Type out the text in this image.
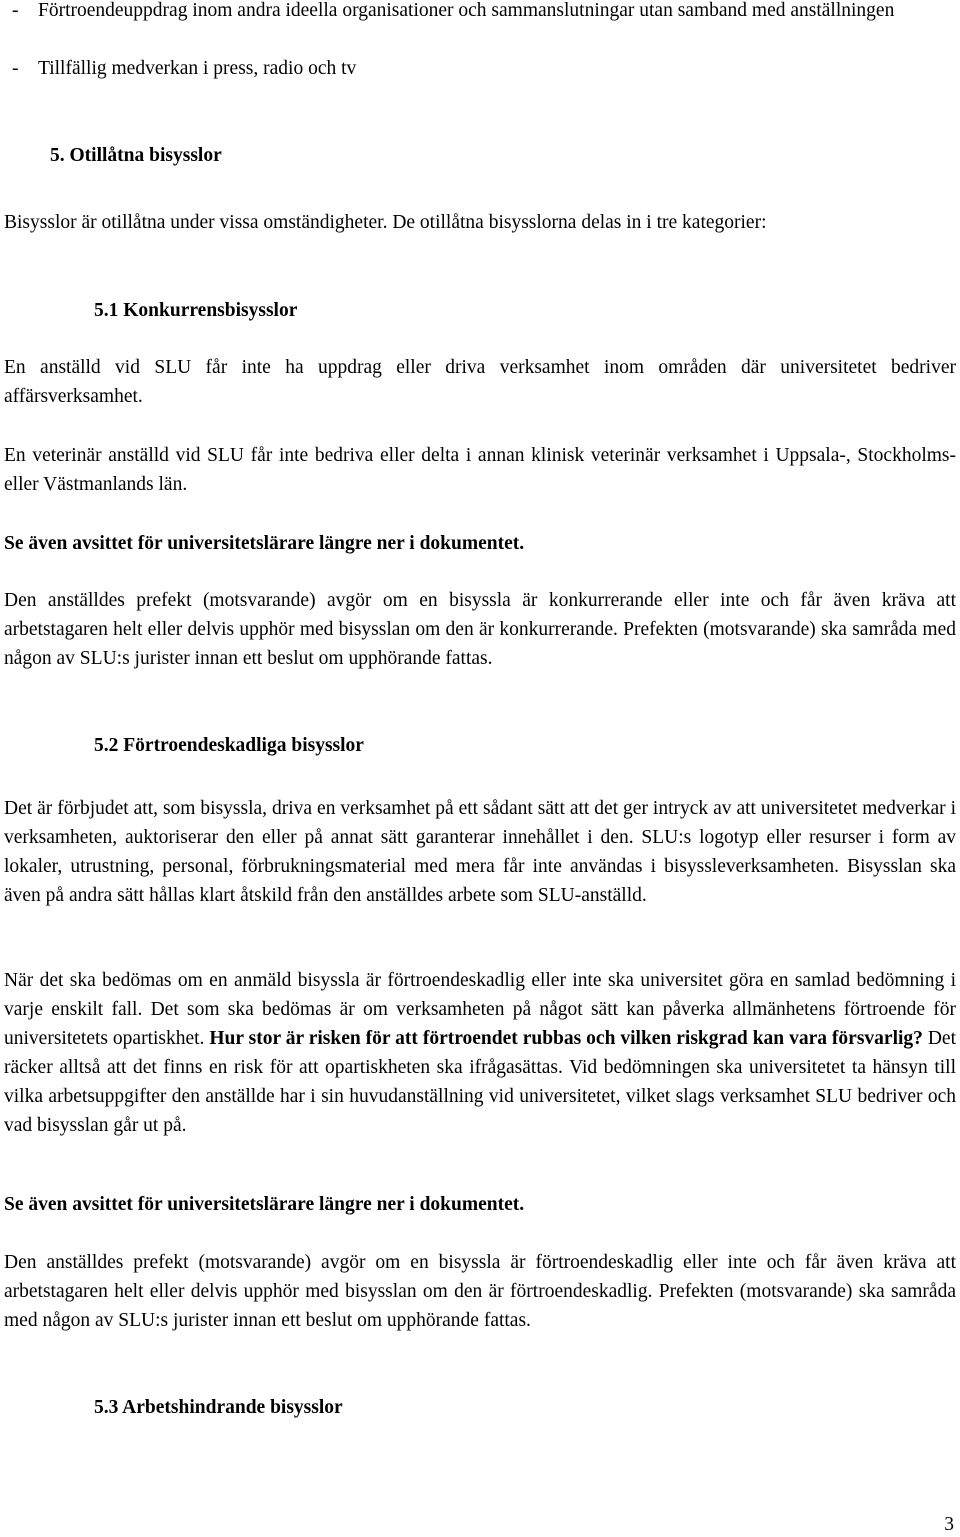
- Förtroendeuppdrag inom andra ideella organisationer och sammanslutningar utan samband med anställningen
- Tillfällig medverkan i press, radio och tv
5. Otillåtna bisysslor

Bisysslor är otillåtna under vissa omständigheter. De otillåtna bisysslorna delas in i tre kategorier:

5.1 Konkurrensbisysslor

En anställd vid SLU får inte ha uppdrag eller driva verksamhet inom områden där universitetet bedriver affärsverksamhet.

En veterinär anställd vid SLU får inte bedriva eller delta i annan klinisk veterinär verksamhet i Uppsala-, Stockholms- eller Västmanlands län.

Se även avsittet för universitetslärare längre ner i dokumentet.

Den anställdes prefekt (motsvarande) avgör om en bisyssla är konkurrerande eller inte och får även kräva att arbetstagaren helt eller delvis upphör med bisysslan om den är konkurrerande. Prefekten (motsvarande) ska samråda med någon av SLU:s jurister innan ett beslut om upphörande fattas.

5.2 Förtroendeskadliga bisysslor

Det är förbjudet att, som bisyssla, driva en verksamhet på ett sådant sätt att det ger intryck av att universitetet medverkar i verksamheten, auktoriserar den eller på annat sätt garanterar innehållet i den. SLU:s logotyp eller resurser i form av lokaler, utrustning, personal, förbrukningsmaterial med mera får inte användas i bisyssleverksamheten. Bisysslan ska även på andra sätt hållas klart åtskild från den anställdes arbete som SLU-anställd.

När det ska bedömas om en anmäld bisyssla är förtroendeskadlig eller inte ska universitet göra en samlad bedömning i varje enskilt fall. Det som ska bedömas är om verksamheten på något sätt kan påverka allmänhetens förtroende för universitetets opartiskhet. Hur stor är risken för att förtroendet rubbas och vilken riskgrad kan vara försvarlig? Det räcker alltså att det finns en risk för att opartiskheten ska ifrågasättas. Vid bedömningen ska universitetet ta hänsyn till vilka arbetsuppgifter den anställde har i sin huvudanställning vid universitetet, vilket slags verksamhet SLU bedriver och vad bisysslan går ut på.

Se även avsittet för universitetslärare längre ner i dokumentet.

Den anställdes prefekt (motsvarande) avgör om en bisyssla är förtroendeskadlig eller inte och får även kräva att arbetstagaren helt eller delvis upphör med bisysslan om den är förtroendeskadlig. Prefekten (motsvarande) ska samråda med någon av SLU:s jurister innan ett beslut om upphörande fattas.

5.3 Arbetshindrande bisysslor
3
